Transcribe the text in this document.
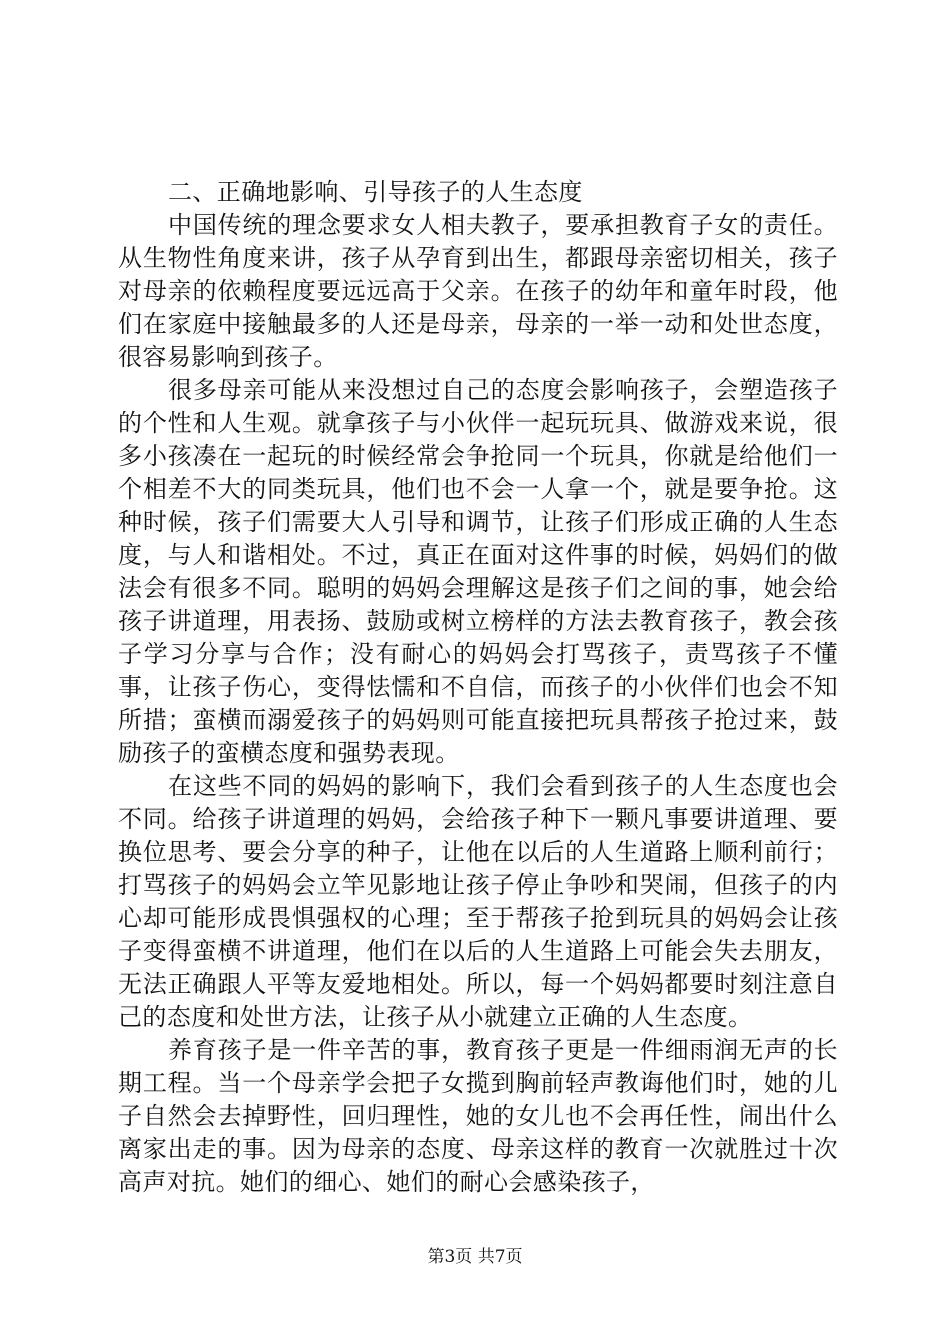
二、正确地影响、引导孩子的人生态度

中国传统的理念要求女人相夫教子，要承担教育子女的责任。从生物性角度来讲，孩子从孕育到出生，都跟母亲密切相关，孩子对母亲的依赖程度要远远高于父亲。在孩子的幼年和童年时段，他们在家庭中接触最多的人还是母亲，母亲的一举一动和处世态度，很容易影响到孩子。

很多母亲可能从来没想过自己的态度会影响孩子，会塑造孩子的个性和人生观。就拿孩子与小伙伴一起玩玩具、做游戏来说，很多小孩凑在一起玩的时候经常会争抢同一个玩具，你就是给他们一个相差不大的同类玩具，他们也不会一人拿一个，就是要争抢。这种时候，孩子们需要大人引导和调节，让孩子们形成正确的人生态度，与人和谐相处。不过，真正在面对这件事的时候，妈妈们的做法会有很多不同。聪明的妈妈会理解这是孩子们之间的事，她会给孩子讲道理，用表扬、鼓励或树立榜样的方法去教育孩子，教会孩子学习分享与合作；没有耐心的妈妈会打骂孩子，责骂孩子不懂事，让孩子伤心，变得怯懦和不自信，而孩子的小伙伴们也会不知所措；蛮横而溺爱孩子的妈妈则可能直接把玩具帮孩子抢过来，鼓励孩子的蛮横态度和强势表现。

在这些不同的妈妈的影响下，我们会看到孩子的人生态度也会不同。给孩子讲道理的妈妈，会给孩子种下一颗凡事要讲道理、要换位思考、要会分享的种子，让他在以后的人生道路上顺利前行；打骂孩子的妈妈会立竿见影地让孩子停止争吵和哭闹，但孩子的内心却可能形成畏惧强权的心理；至于帮孩子抢到玩具的妈妈会让孩子变得蛮横不讲道理，他们在以后的人生道路上可能会失去朋友，无法正确跟人平等友爱地相处。所以，每一个妈妈都要时刻注意自己的态度和处世方法，让孩子从小就建立正确的人生态度。

养育孩子是一件辛苦的事，教育孩子更是一件细雨润无声的长期工程。当一个母亲学会把子女揽到胸前轻声教诲他们时，她的儿子自然会去掉野性，回归理性，她的女儿也不会再任性，闹出什么离家出走的事。因为母亲的态度、母亲这样的教育一次就胜过十次高声对抗。她们的细心、她们的耐心会感染孩子，

第3页 共7页
